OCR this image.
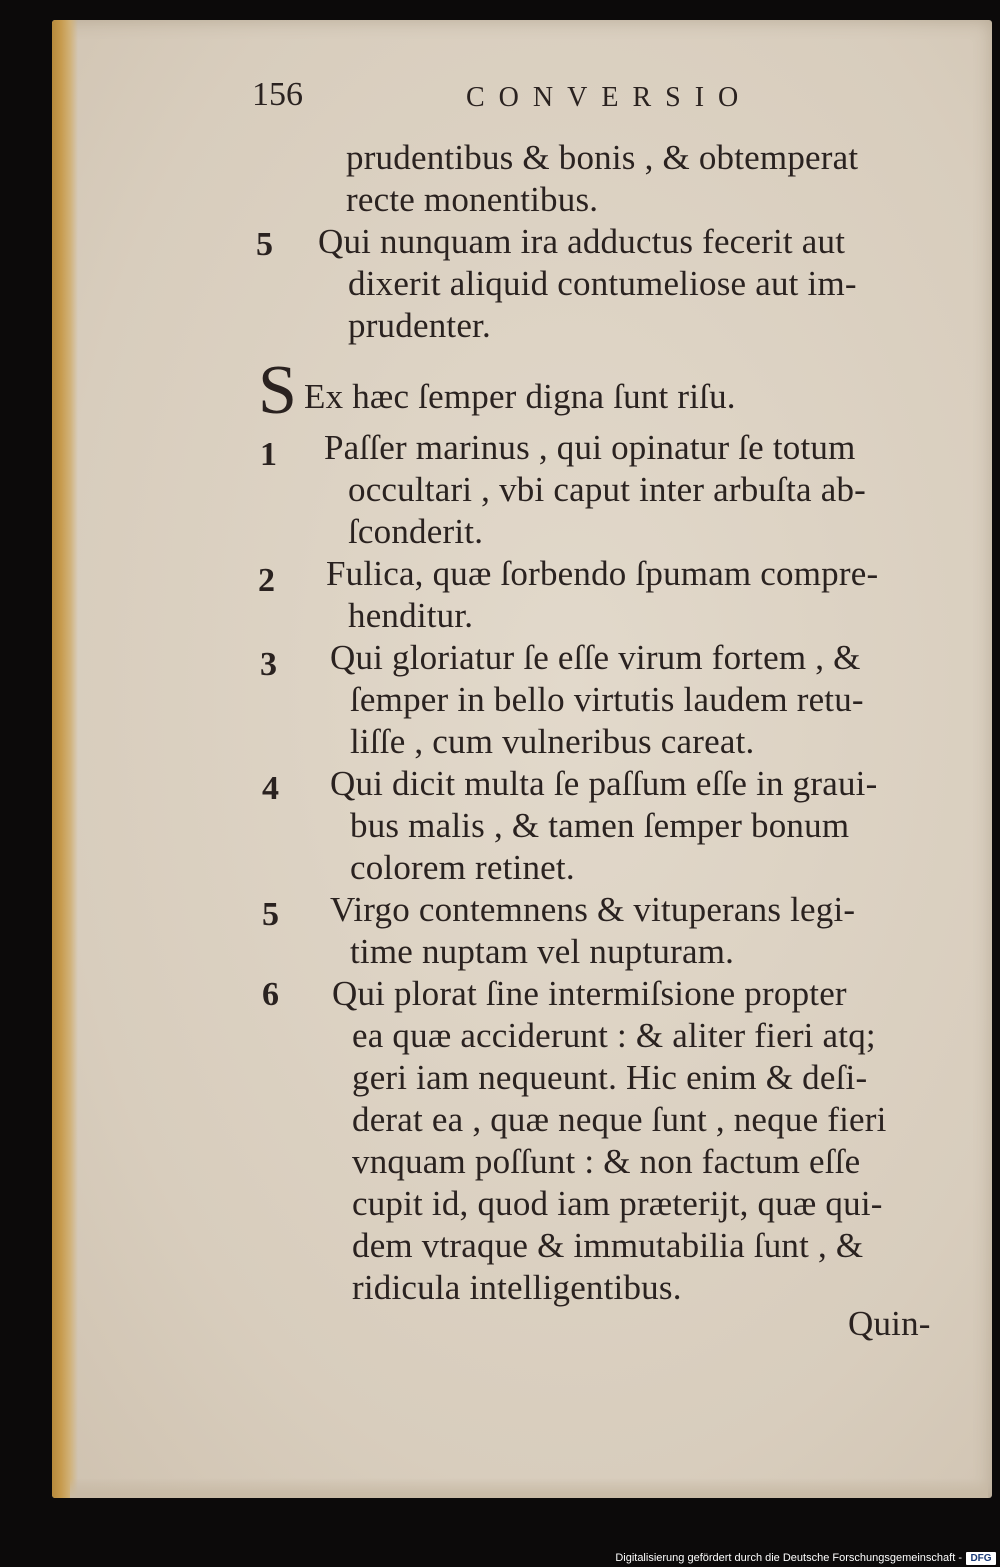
156	CONVERSIO
5
1
2
3
4
5
6
S
prudentibus & bonis , & obtemperat
recte monentibus.
Qui nunquam ira adductus fecerit aut
dixerit aliquid contumeliose aut im-
prudenter.
Ex hæc ſemper digna ſunt riſu.
Paſſer marinus , qui opinatur ſe totum
occultari , vbi caput inter arbuſta ab-
ſconderit.
Fulica, quæ ſorbendo ſpumam compre-
henditur.
Qui gloriatur ſe eſſe virum fortem , &
ſemper in bello virtutis laudem retu-
liſſe , cum vulneribus careat.
Qui dicit multa ſe paſſum eſſe in graui-
bus malis , & tamen ſemper bonum
colorem retinet.
Virgo contemnens & vituperans legi-
time nuptam vel nupturam.
Qui plorat ſine intermiſsione propter
ea quæ acciderunt : & aliter fieri atq;
geri iam nequeunt. Hic enim & deſi-
derat ea , quæ neque ſunt , neque fieri
vnquam poſſunt : & non factum eſſe
cupit id, quod iam præterijt, quæ qui-
dem vtraque & immutabilia ſunt , &
ridicula intelligentibus.
Quin-
Digitalisierung gefördert durch die Deutsche Forschungsgemeinschaft - DFG
